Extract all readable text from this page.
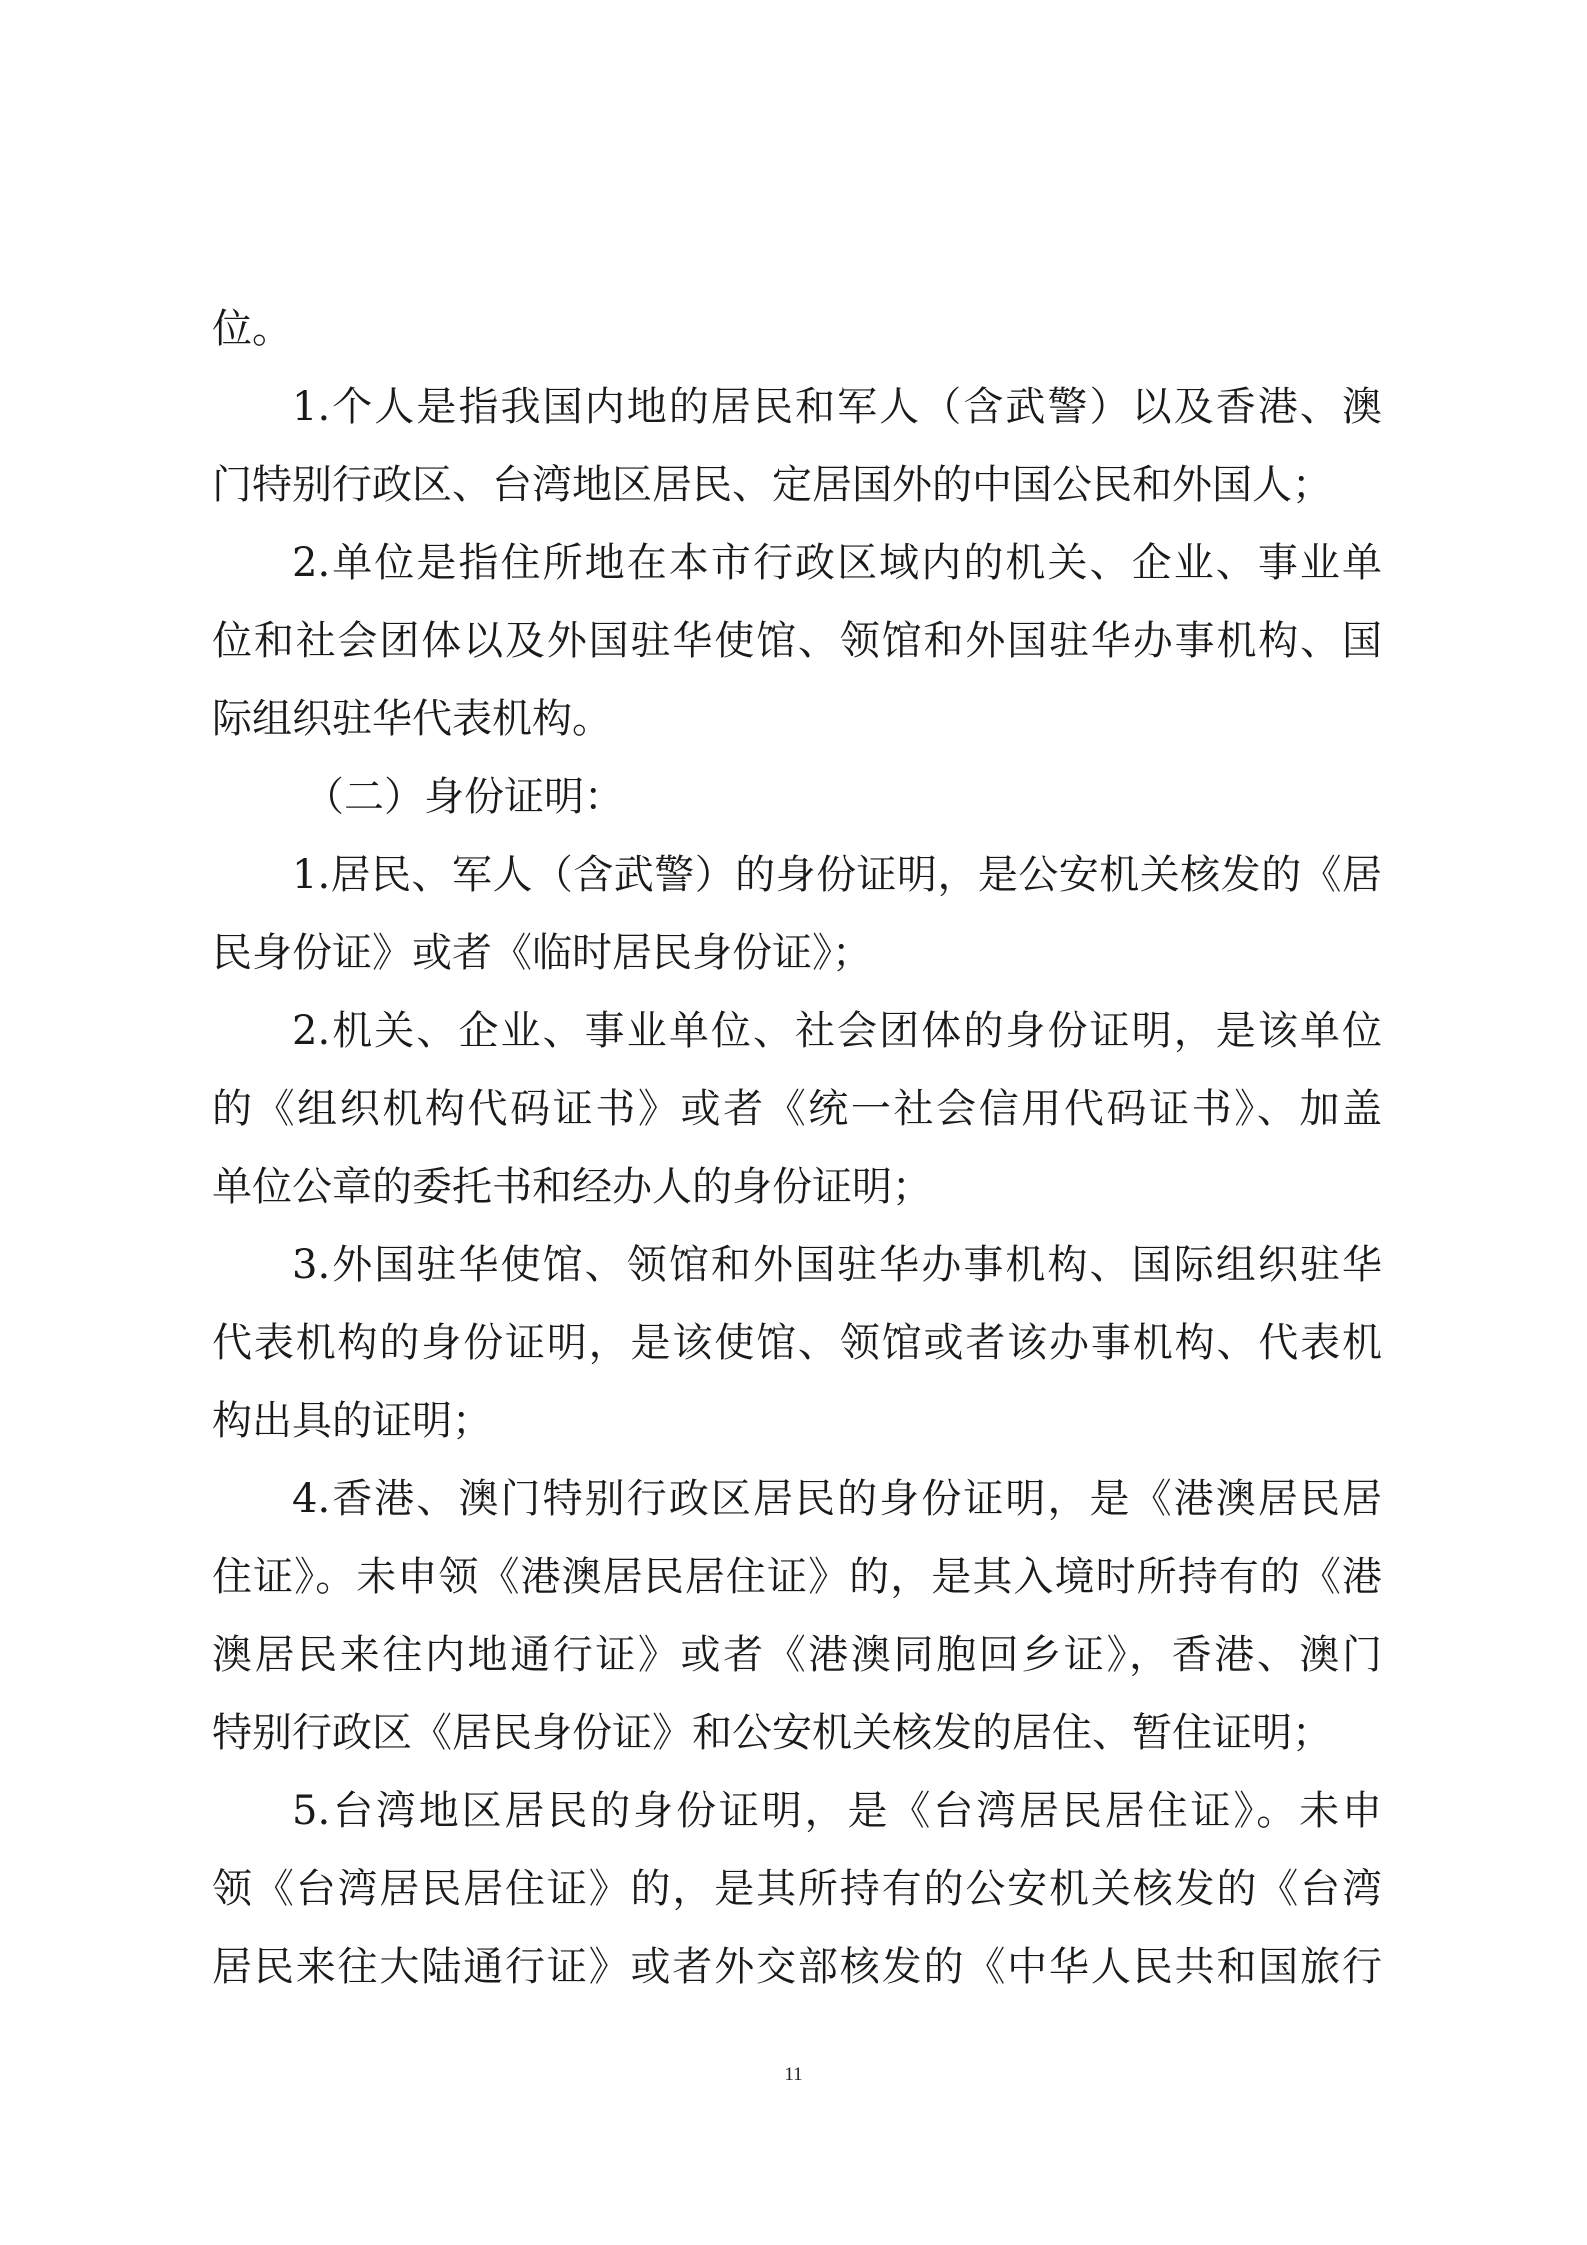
位。
1.个人是指我国内地的居民和军人（含武警）以及香港、澳
门特别行政区、台湾地区居民、定居国外的中国公民和外国人；
2.单位是指住所地在本市行政区域内的机关、企业、事业单
位和社会团体以及外国驻华使馆、领馆和外国驻华办事机构、国
际组织驻华代表机构。
（二）身份证明：
1.居民、军人（含武警）的身份证明，是公安机关核发的《居
民身份证》或者《临时居民身份证》；
2.机关、企业、事业单位、社会团体的身份证明，是该单位
的《组织机构代码证书》或者《统一社会信用代码证书》、加盖
单位公章的委托书和经办人的身份证明；
3.外国驻华使馆、领馆和外国驻华办事机构、国际组织驻华
代表机构的身份证明，是该使馆、领馆或者该办事机构、代表机
构出具的证明；
4.香港、澳门特别行政区居民的身份证明，是《港澳居民居
住证》。未申领《港澳居民居住证》的，是其入境时所持有的《港
澳居民来往内地通行证》或者《港澳同胞回乡证》，香港、澳门
特别行政区《居民身份证》和公安机关核发的居住、暂住证明；
5.台湾地区居民的身份证明，是《台湾居民居住证》。未申
领《台湾居民居住证》的，是其所持有的公安机关核发的《台湾
居民来往大陆通行证》或者外交部核发的《中华人民共和国旅行
11
